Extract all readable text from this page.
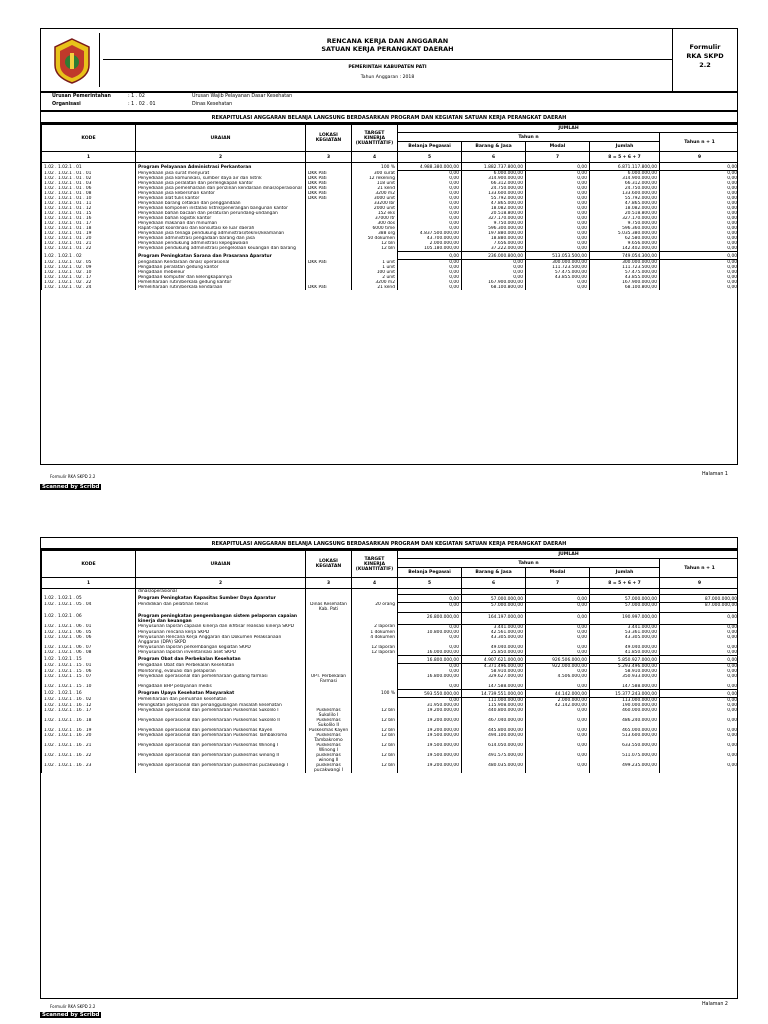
RENCANA KERJA DAN ANGGARAN
SATUAN KERJA PERANGKAT DAERAH
PEMERINTAH KABUPATEN PATI
Tahun Anggaran : 2018
Formulir
RKA SKPD
2.2
Urusan Pemerintahan	: 1 . 02	Urusan Wajib Pelayanan Dasar Kesehatan
Organisasi	: 1 . 02 . 01	Dinas Kesehatan
REKAPITULASI ANGGARAN BELANJA LANGSUNG BERDASARKAN PROGRAM DAN KEGIATAN SATUAN KERJA PERANGKAT DAERAH
KODE	URAIAN	LOKASI KEGIATAN	TARGET KINERJA (KUANTITATIF)	JUMLAH				
				Tahun n				Tahun n + 1
				Belanja Pegawai	Barang & Jasa	Modal	Jumlah	
1	2	3	4	5	6	7	8 = 5 + 6 + 7	9
1.02 . 1.02.1 . 01	Program Pelayanan Administrasi Perkantoran		100 %	4.988.380.000,00	1.882.737.800,00	0,00	6.871.117.800,00	0,00
1.02 . 1.02.1 . 01 . 01	Penyediaan jasa surat menyurat	DKK Pati	300 surat	0,00	6.000.000,00	0,00	6.000.000,00	0,00
1.02 . 1.02.1 . 01 . 02	Penyediaan jasa komunikasi, sumber daya air dan listrik	DKK Pati	12 rekening	0,00	314.900.000,00	0,00	314.900.000,00	0,00
1.02 . 1.02.1 . 01 . 03	Penyediaan jasa peralatan dan perlengkapan kantor	DKK Pati	118 unit	0,00	66.312.000,00	0,00	66.312.000,00	0,00
1.02 . 1.02.1 . 01 . 06	Penyediaan jasa pemeliharaan dan perizinan kendaraan dinas/operasional	DKK Pati	21 kend	0,00	24.750.000,00	0,00	24.750.000,00	0,00
1.02 . 1.02.1 . 01 . 08	Penyediaan jasa kebersihan kantor	DKK Pati	3200 m2	0,00	133.600.000,00	0,00	133.600.000,00	0,00
1.02 . 1.02.1 . 01 . 10	Penyediaan alat tulis kantor	DKK Pati	3000 unit	0,00	55.792.000,00	0,00	55.792.000,00	0,00
1.02 . 1.02.1 . 01 . 11	Penyediaan barang cetakan dan penggandaan		33200 lbr	0,00	47.865.000,00	0,00	47.865.000,00	0,00
1.02 . 1.02.1 . 01 . 12	Penyediaan komponen instalasi listrik/penerangan bangunan kantor		2000 unit	0,00	18.082.000,00	0,00	18.082.000,00	0,00
1.02 . 1.02.1 . 01 . 15	Penyediaan bahan bacaan dan peraturan perundang-undangan		152 eks	0,00	20.518.800,00	0,00	20.518.800,00	0,00
1.02 . 1.02.1 . 01 . 16	Penyediaan bahan logistik kantor		37000 ltr	0,00	327.170.000,00	0,00	327.170.000,00	0,00
1.02 . 1.02.1 . 01 . 17	Penyediaan makanan dan minuman		300 dos	0,00	9.750.000,00	0,00	9.750.000,00	0,00
1.02 . 1.02.1 . 01 . 18	Rapat-rapat koordinasi dan konsultasi ke luar daerah		6000 time	0,00	596.300.000,00	0,00	596.360.000,00	0,00
1.02 . 1.02.1 . 01 . 19	Penyediaan jasa tenaga pendukung administrasi/teknis/keamanan		388 org	4.837.500.000,00	197.880.000,00	0,00	5.035.380.000,00	0,00
1.02 . 1.02.1 . 01 . 20	Penyediaan administrasi pengadaan barang dan jasa		50 dokumen	43.700.000,00	18.880.000,00	0,00	62.580.000,00	0,00
1.02 . 1.02.1 . 01 . 21	Penyediaan pendukung administrasi kepegawaian		12 bln	2.000.000,00	7.656.000,00	0,00	9.656.000,00	0,00
1.02 . 1.02.1 . 01 . 22	Penyediaan pendukung administrasi pengelolaan keuangan dan barang		12 bln	105.180.000,00	37.222.000,00	0,00	142.402.000,00	0,00
1.02 . 1.02.1 . 02	Program Peningkatan Sarana dan Prasarana Aparatur			0,00	236.000.800,00	513.053.500,00	749.054.300,00	0,00
1.02 . 1.02.1 . 02 . 05	pengadaan Kendaraan dinas/ operasional	DKK Pati	1 unit	0,00	0,00	300.000.000,00	300.000.000,00	0,00
1.02 . 1.02.1 . 02 . 09	Pengadaan peralatan gedung kantor		1 unit	0,00	0,00	111.723.500,00	111.723.500,00	0,00
1.02 . 1.02.1 . 02 . 10	Pengadaan mebeleur		100 unit	0,00	0,00	57.475.000,00	57.475.000,00	0,00
1.02 . 1.02.1 . 02 . 17	Pengadaan komputer dan kelengkapannya		2 unit	0,00	0,00	43.855.000,00	43.855.000,00	0,00
1.02 . 1.02.1 . 02 . 22	Pemeliharaan rutin/berkala gedung kantor		3200 m2	0,00	167.900.000,00	0,00	167.900.000,00	0,00
1.02 . 1.02.1 . 02 . 24	Pemeliharaan rutin/berkala kendaraan	DKK Pati	21 kend	0,00	68.100.800,00	0,00	68.100.800,00	0,00
Formulir RKA SKPD 2.2	Halaman 1
Scanned by Scribd
REKAPITULASI ANGGARAN BELANJA LANGSUNG BERDASARKAN PROGRAM DAN KEGIATAN SATUAN KERJA PERANGKAT DAERAH
KODE	URAIAN	LOKASI KEGIATAN	TARGET KINERJA (KUANTITATIF)	JUMLAH				
				Tahun n				Tahun n + 1
				Belanja Pegawai	Barang & Jasa	Modal	Jumlah	
1	2	3	4	5	6	7	8 = 5 + 6 + 7	9
	dinas/operasional							
1.02 . 1.02.1 . 05	Program Peningkatan Kapasitas Sumber Daya Aparatur			0,00	57.000.000,00	0,00	57.000.000,00	87.000.000,00
1.02 . 1.02.1 . 05 . 04	Pendidikan dan pelatihan teknis	Dinas Kesehatan Kab. Pati	20 orang	0,00	57.000.000,00	0,00	57.000.000,00	87.000.000,00
1.02 . 1.02.1 . 06	Program peningkatan pengembangan sistem pelaporan capaian kinerja dan keuangan			26.800.000,00	164.197.000,00	0,00	190.997.000,00	0,00
1.02 . 1.02.1 . 06 . 01	Penyusunan laporan capaian kinerja dan ikhtisar realisasi kinerja SKPD		2 laporan	0,00	3.441.000,00	0,00	3.441.000,00	0,00
1.02 . 1.02.1 . 06 . 05	Penyusunan rencana kerja SKPD		1 dokumen	10.800.000,00	42.561.000,00	0,00	53.361.000,00	0,00
1.02 . 1.02.1 . 06 . 06	Penyusunan Rencana Kerja Anggaran dan Dokumen Pelaksanaan Anggaran (DPA) SKPD		4 dokumen	0,00	43.305.000,00	0,00	43.305.000,00	0,00
1.02 . 1.02.1 . 06 . 07	Penyusunan laporan perkembangan kegiatan SKPD		12 laporan	0,00	49.040.000,00	0,00	49.040.000,00	0,00
1.02 . 1.02.1 . 06 . 08	Penyusunan laporan inventarisasi aset SKPD		12 laporan	16.000.000,00	25.850.000,00	0,00	41.850.000,00	0,00
1.02 . 1.02.1 . 15	Program Obat dan Perbekalan Kesehatan			16.800.000,00	4.907.621.000,00	926.506.000,00	5.850.927.000,00	0,00
1.02 . 1.02.1 . 15 . 01	Pengadaan Obat dan Perbekalan Kesehatan			0,00	4.371.496.000,00	922.000.000,00	5.293.496.000,00	0,00
1.02 . 1.02.1 . 15 . 06	Monitoring, evaluasi dan pelaporan			0,00	58.910.000,00	0,00	58.910.000,00	0,00
1.02 . 1.02.1 . 15 . 07	Penyediaan operasional dan pemeliharaan gudang farmasi	UPT. Perbekalan Farmasi		16.800.000,00	329.627.000,00	4.506.000,00	350.933.000,00	0,00
1.02 . 1.02.1 . 15 . 10	Pengadaan BHP pelayanan medis			0,00	147.588.000,00	0,00	147.588.000,00	0,00
1.02 . 1.02.1 . 16	Program Upaya Kesehatan Masyarakat		100 %	593.550.000,00	14.739.551.000,00	44.142.000,00	15.377.243.000,00	0,00
1.02 . 1.02.1 . 16 . 02	Pemeliharaan dan pemulihan kesehatan			0,00	111.000.000,00	2.000.000,00	113.000.000,00	0,00
1.02 . 1.02.1 . 16 . 12	Peningkatan pelayanan dan penanggulangan masalah kesehatan			31.950.000,00	115.908.000,00	42.142.000,00	190.000.000,00	0,00
1.02 . 1.02.1 . 16 . 17	Penyediaan operasional dan pemeliharaan Puskesmas Sukolilo I	Puskesmas Sukolilo I	12 bln	19.200.000,00	440.800.000,00	0,00	460.000.000,00	0,00
1.02 . 1.02.1 . 16 . 18	Penyediaan operasional dan pemeliharaan Puskesmas Sukolilo II	Puskesmas Sukolilo II	12 bln	19.200.000,00	467.040.000,00	0,00	486.240.000,00	0,00
1.02 . 1.02.1 . 16 . 19	Penyediaan operasional dan pemeliharaan Puskesmas Kayen	Puskesmas Kayen	12 bln	19.200.000,00	445.800.000,00	0,00	465.000.000,00	0,00
1.02 . 1.02.1 . 16 . 20	Penyediaan operasional dan pemeliharaan Puskesmas Tambakromo	Puskesmas Tambakromo	12 bln	19.500.000,00	494.100.000,00	0,00	513.600.000,00	0,00
1.02 . 1.02.1 . 16 . 21	Penyediaan operasional dan pemeliharaan Puskesmas Winong I	Puskesmas Winong I	12 bln	19.500.000,00	614.050.000,00	0,00	633.550.000,00	0,00
1.02 . 1.02.1 . 16 . 22	Penyediaan operasional dan pemeliharaan puskesmas winong II	puskesmas winong II	12 bln	19.500.000,00	491.575.000,00	0,00	511.075.000,00	0,00
1.02 . 1.02.1 . 16 . 23	Penyediaan operasional dan pemeliharaan puskesmas pucakwangi I	puskesmas pucakwangi I	12 bln	19.200.000,00	480.035.000,00	0,00	499.235.000,00	0,00
Formulir RKA SKPD 2.2	Halaman 2
Scanned by Scribd
